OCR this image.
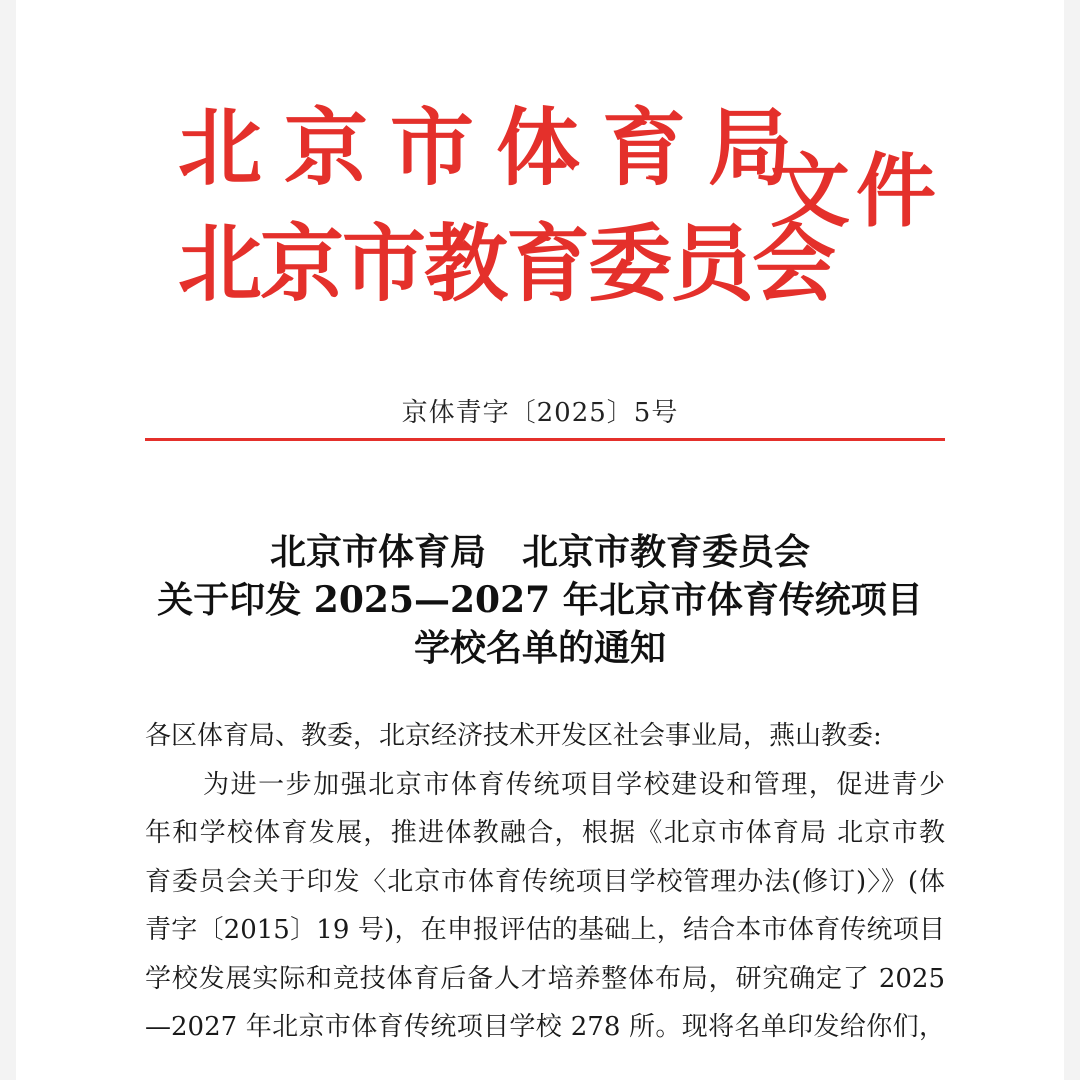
北京市体育局
北京市教育委员会
文件
京体青字〔2025〕5号
北京市体育局 北京市教育委员会
关于印发 2025—2027 年北京市体育传统项目
学校名单的通知

各区体育局、教委，北京经济技术开发区社会事业局，燕山教委:

为进一步加强北京市体育传统项目学校建设和管理，促进青少

年和学校体育发展，推进体教融合，根据《北京市体育局 北京市教

育委员会关于印发〈北京市体育传统项目学校管理办法(修订)〉》(体

青字〔2015〕19 号)，在申报评估的基础上，结合本市体育传统项目

学校发展实际和竞技体育后备人才培养整体布局，研究确定了 2025

—2027 年北京市体育传统项目学校 278 所。现将名单印发给你们，
